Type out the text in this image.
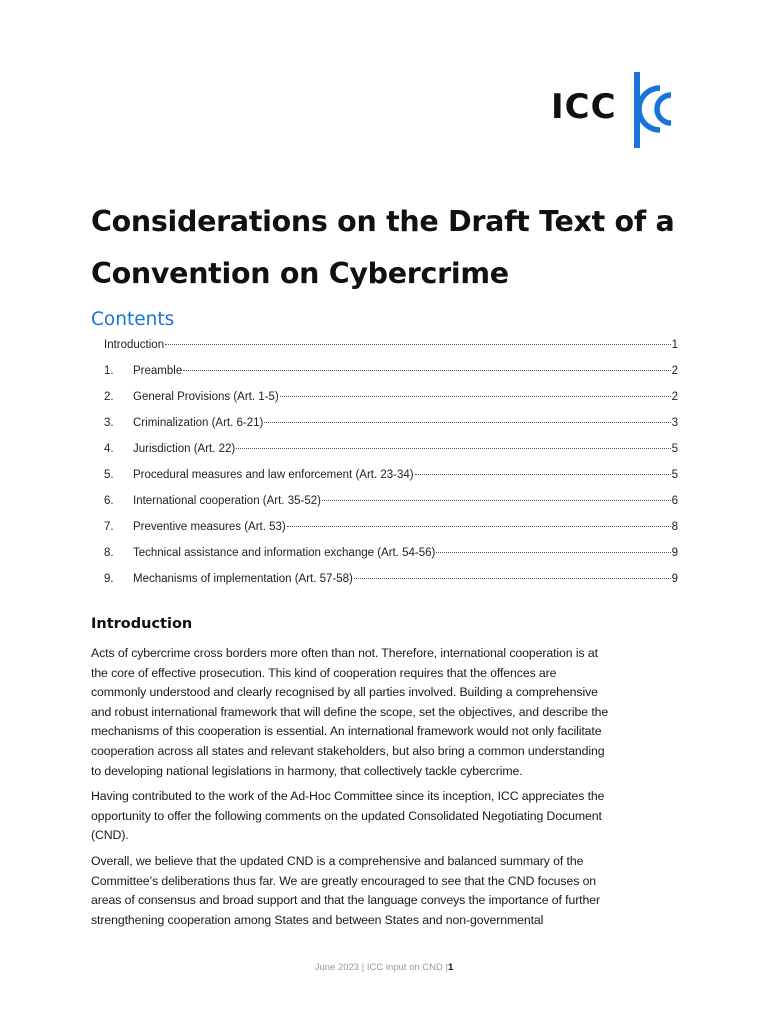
ICC
Considerations on the Draft Text of a Convention on Cybercrime
Contents
Introduction	1
1.	Preamble	2
2.	General Provisions (Art. 1-5)	2
3.	Criminalization (Art. 6-21)	3
4.	Jurisdiction (Art. 22)	5
5.	Procedural measures and law enforcement (Art. 23-34)	5
6.	International cooperation (Art. 35-52)	6
7.	Preventive measures (Art. 53)	8
8.	Technical assistance and information exchange (Art. 54-56)	9
9.	Mechanisms of implementation (Art. 57-58)	9
Introduction

Acts of cybercrime cross borders more often than not. Therefore, international cooperation is at
the core of effective prosecution. This kind of cooperation requires that the offences are
commonly understood and clearly recognised by all parties involved. Building a comprehensive
and robust international framework that will define the scope, set the objectives, and describe the
mechanisms of this cooperation is essential. An international framework would not only facilitate
cooperation across all states and relevant stakeholders, but also bring a common understanding
to developing national legislations in harmony, that collectively tackle cybercrime.

Having contributed to the work of the Ad-Hoc Committee since its inception, ICC appreciates the
opportunity to offer the following comments on the updated Consolidated Negotiating Document
(CND).

Overall, we believe that the updated CND is a comprehensive and balanced summary of the
Committee’s deliberations thus far. We are greatly encouraged to see that the CND focuses on
areas of consensus and broad support and that the language conveys the importance of further
strengthening cooperation among States and between States and non-governmental

June 2023 | ICC input on CND |1
